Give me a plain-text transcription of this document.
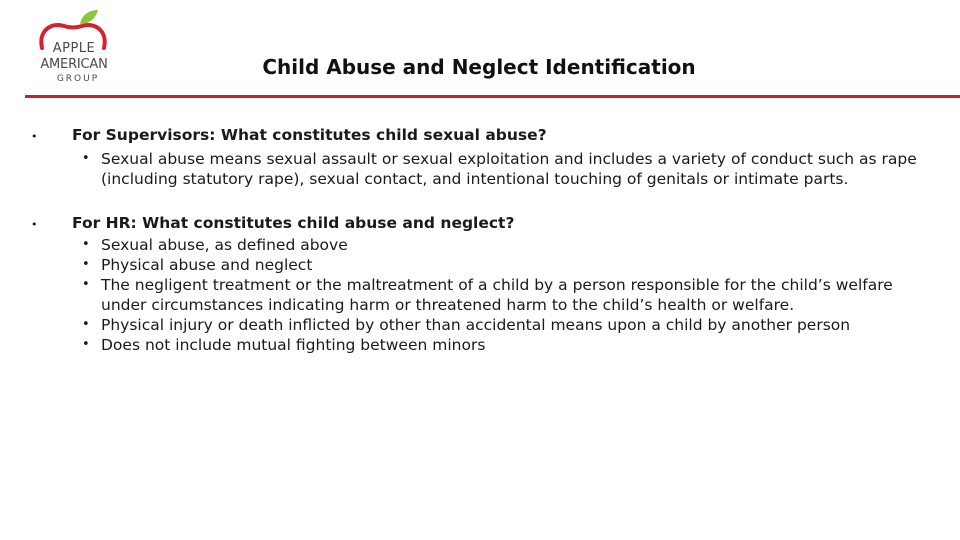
APPLE
AMERICAN
GROUP	Child Abuse and Neglect Identification
• For Supervisors: What constitutes child sexual abuse?
• Sexual abuse means sexual assault or sexual exploitation and includes a variety of conduct such as rape (including statutory rape), sexual contact, and intentional touching of genitals or intimate parts.
• For HR: What constitutes child abuse and neglect?
• Sexual abuse, as defined above
• Physical abuse and neglect
• The negligent treatment or the maltreatment of a child by a person responsible for the child’s welfare under circumstances indicating harm or threatened harm to the child’s health or welfare.
• Physical injury or death inflicted by other than accidental means upon a child by another person
• Does not include mutual fighting between minors
